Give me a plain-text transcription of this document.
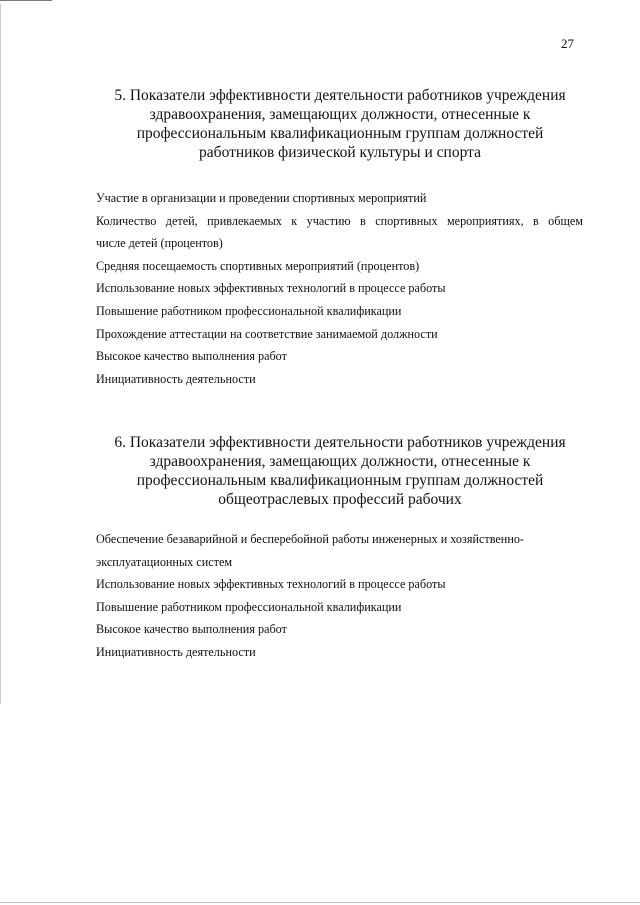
27
5. Показатели эффективности деятельности работников учреждения
здравоохранения, замещающих должности, отнесенные к
профессиональным квалификационным группам должностей
работников физической культуры и спорта
Участие в организации и проведении спортивных мероприятий
Количество детей, привлекаемых к участию в спортивных мероприятиях, в общем
числе детей (процентов)
Средняя посещаемость спортивных мероприятий (процентов)
Использование новых эффективных технологий в процессе работы
Повышение работником профессиональной квалификации
Прохождение аттестации на соответствие занимаемой должности
Высокое качество выполнения работ
Инициативность деятельности
6. Показатели эффективности деятельности работников учреждения
здравоохранения, замещающих должности, отнесенные к
профессиональным квалификационным группам должностей
общеотраслевых профессий рабочих
Обеспечение безаварийной и бесперебойной работы инженерных и хозяйственно-
эксплуатационных систем
Использование новых эффективных технологий в процессе работы
Повышение работником профессиональной квалификации
Высокое качество выполнения работ
Инициативность деятельности
